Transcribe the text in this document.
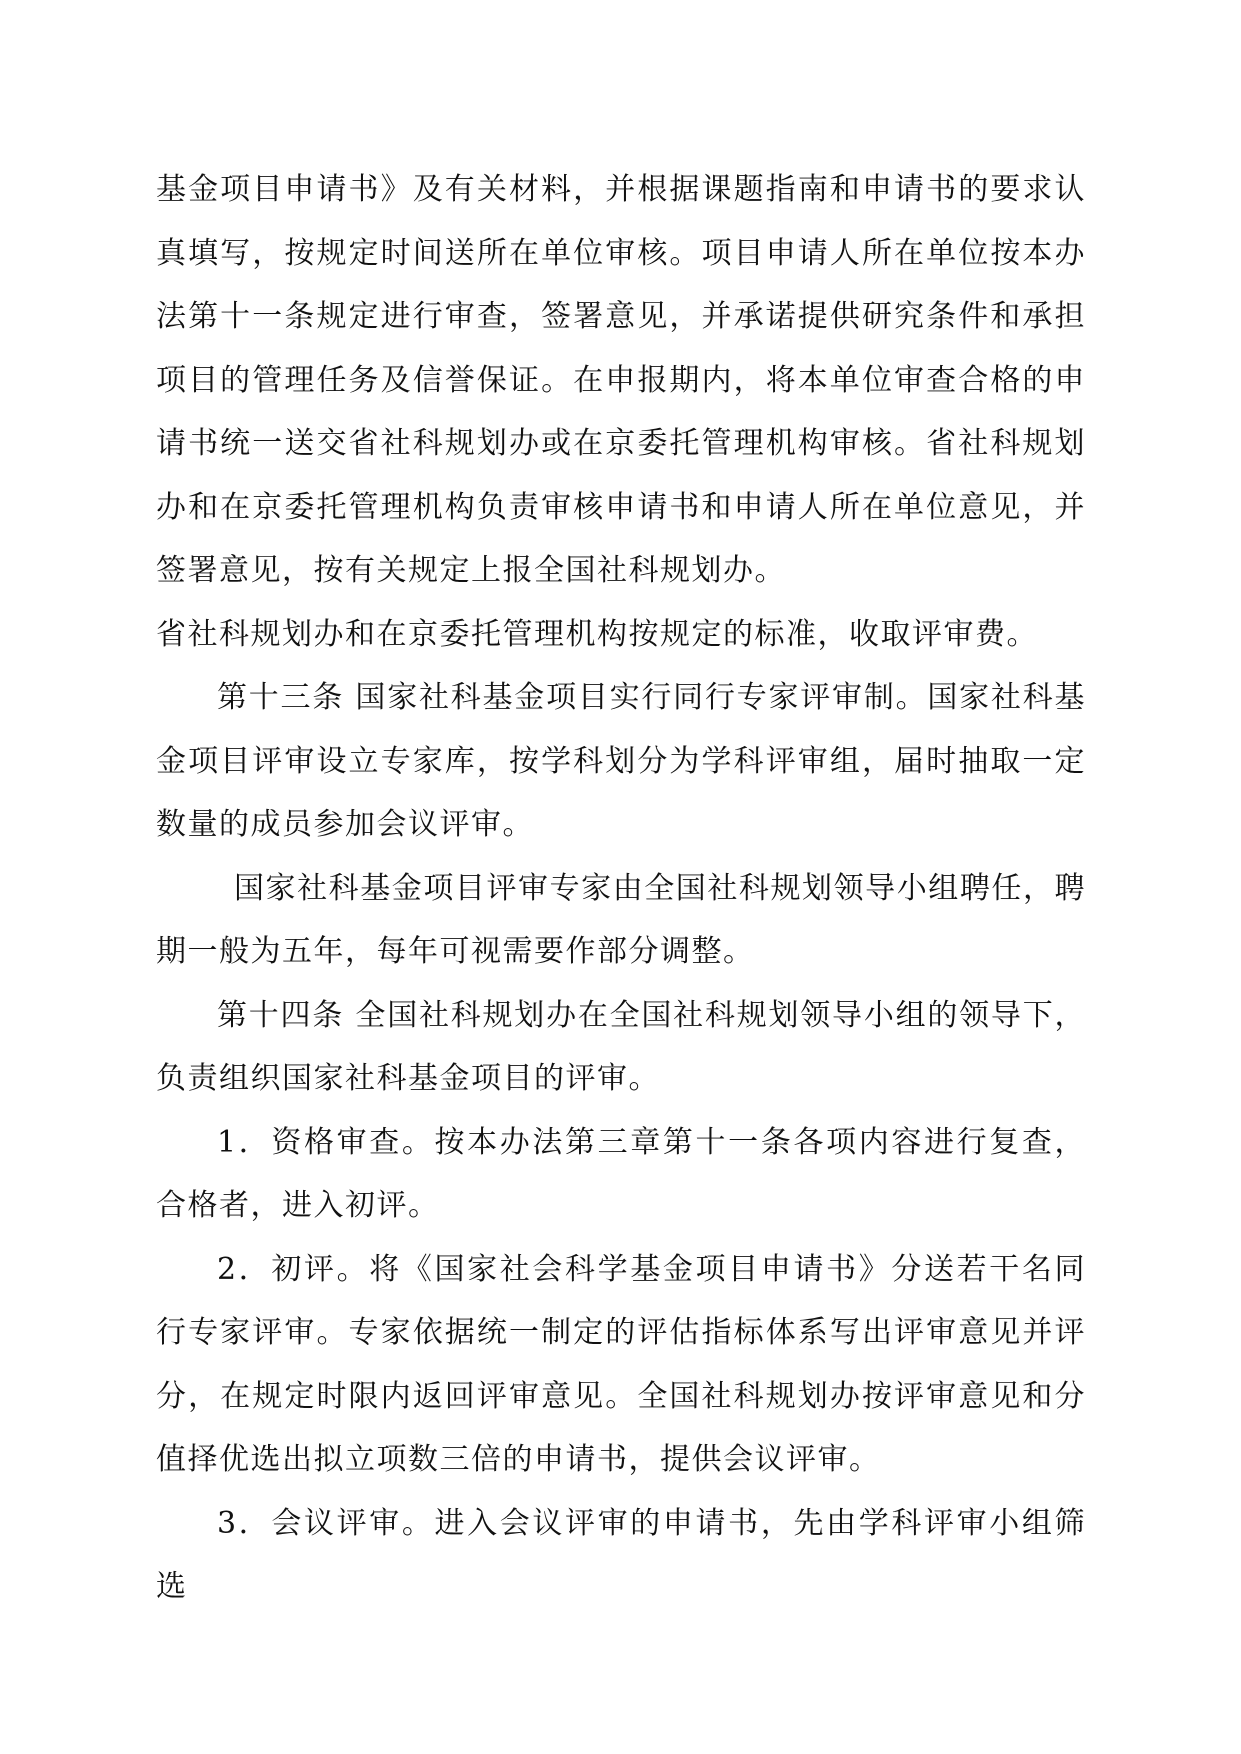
基金项目申请书》及有关材料，并根据课题指南和申请书的要求认真填写，按规定时间送所在单位审核。项目申请人所在单位按本办法第十一条规定进行审查，签署意见，并承诺提供研究条件和承担项目的管理任务及信誉保证。在申报期内，将本单位审查合格的申请书统一送交省社科规划办或在京委托管理机构审核。省社科规划办和在京委托管理机构负责审核申请书和申请人所在单位意见，并签署意见，按有关规定上报全国社科规划办。

省社科规划办和在京委托管理机构按规定的标准，收取评审费。

第十三条 国家社科基金项目实行同行专家评审制。国家社科基金项目评审设立专家库，按学科划分为学科评审组，届时抽取一定数量的成员参加会议评审。

国家社科基金项目评审专家由全国社科规划领导小组聘任，聘期一般为五年，每年可视需要作部分调整。

第十四条 全国社科规划办在全国社科规划领导小组的领导下，负责组织国家社科基金项目的评审。

1．资格审查。按本办法第三章第十一条各项内容进行复查，合格者，进入初评。

2．初评。将《国家社会科学基金项目申请书》分送若干名同行专家评审。专家依据统一制定的评估指标体系写出评审意见并评分，在规定时限内返回评审意见。全国社科规划办按评审意见和分值择优选出拟立项数三倍的申请书，提供会议评审。

3．会议评审。进入会议评审的申请书，先由学科评审小组筛选
